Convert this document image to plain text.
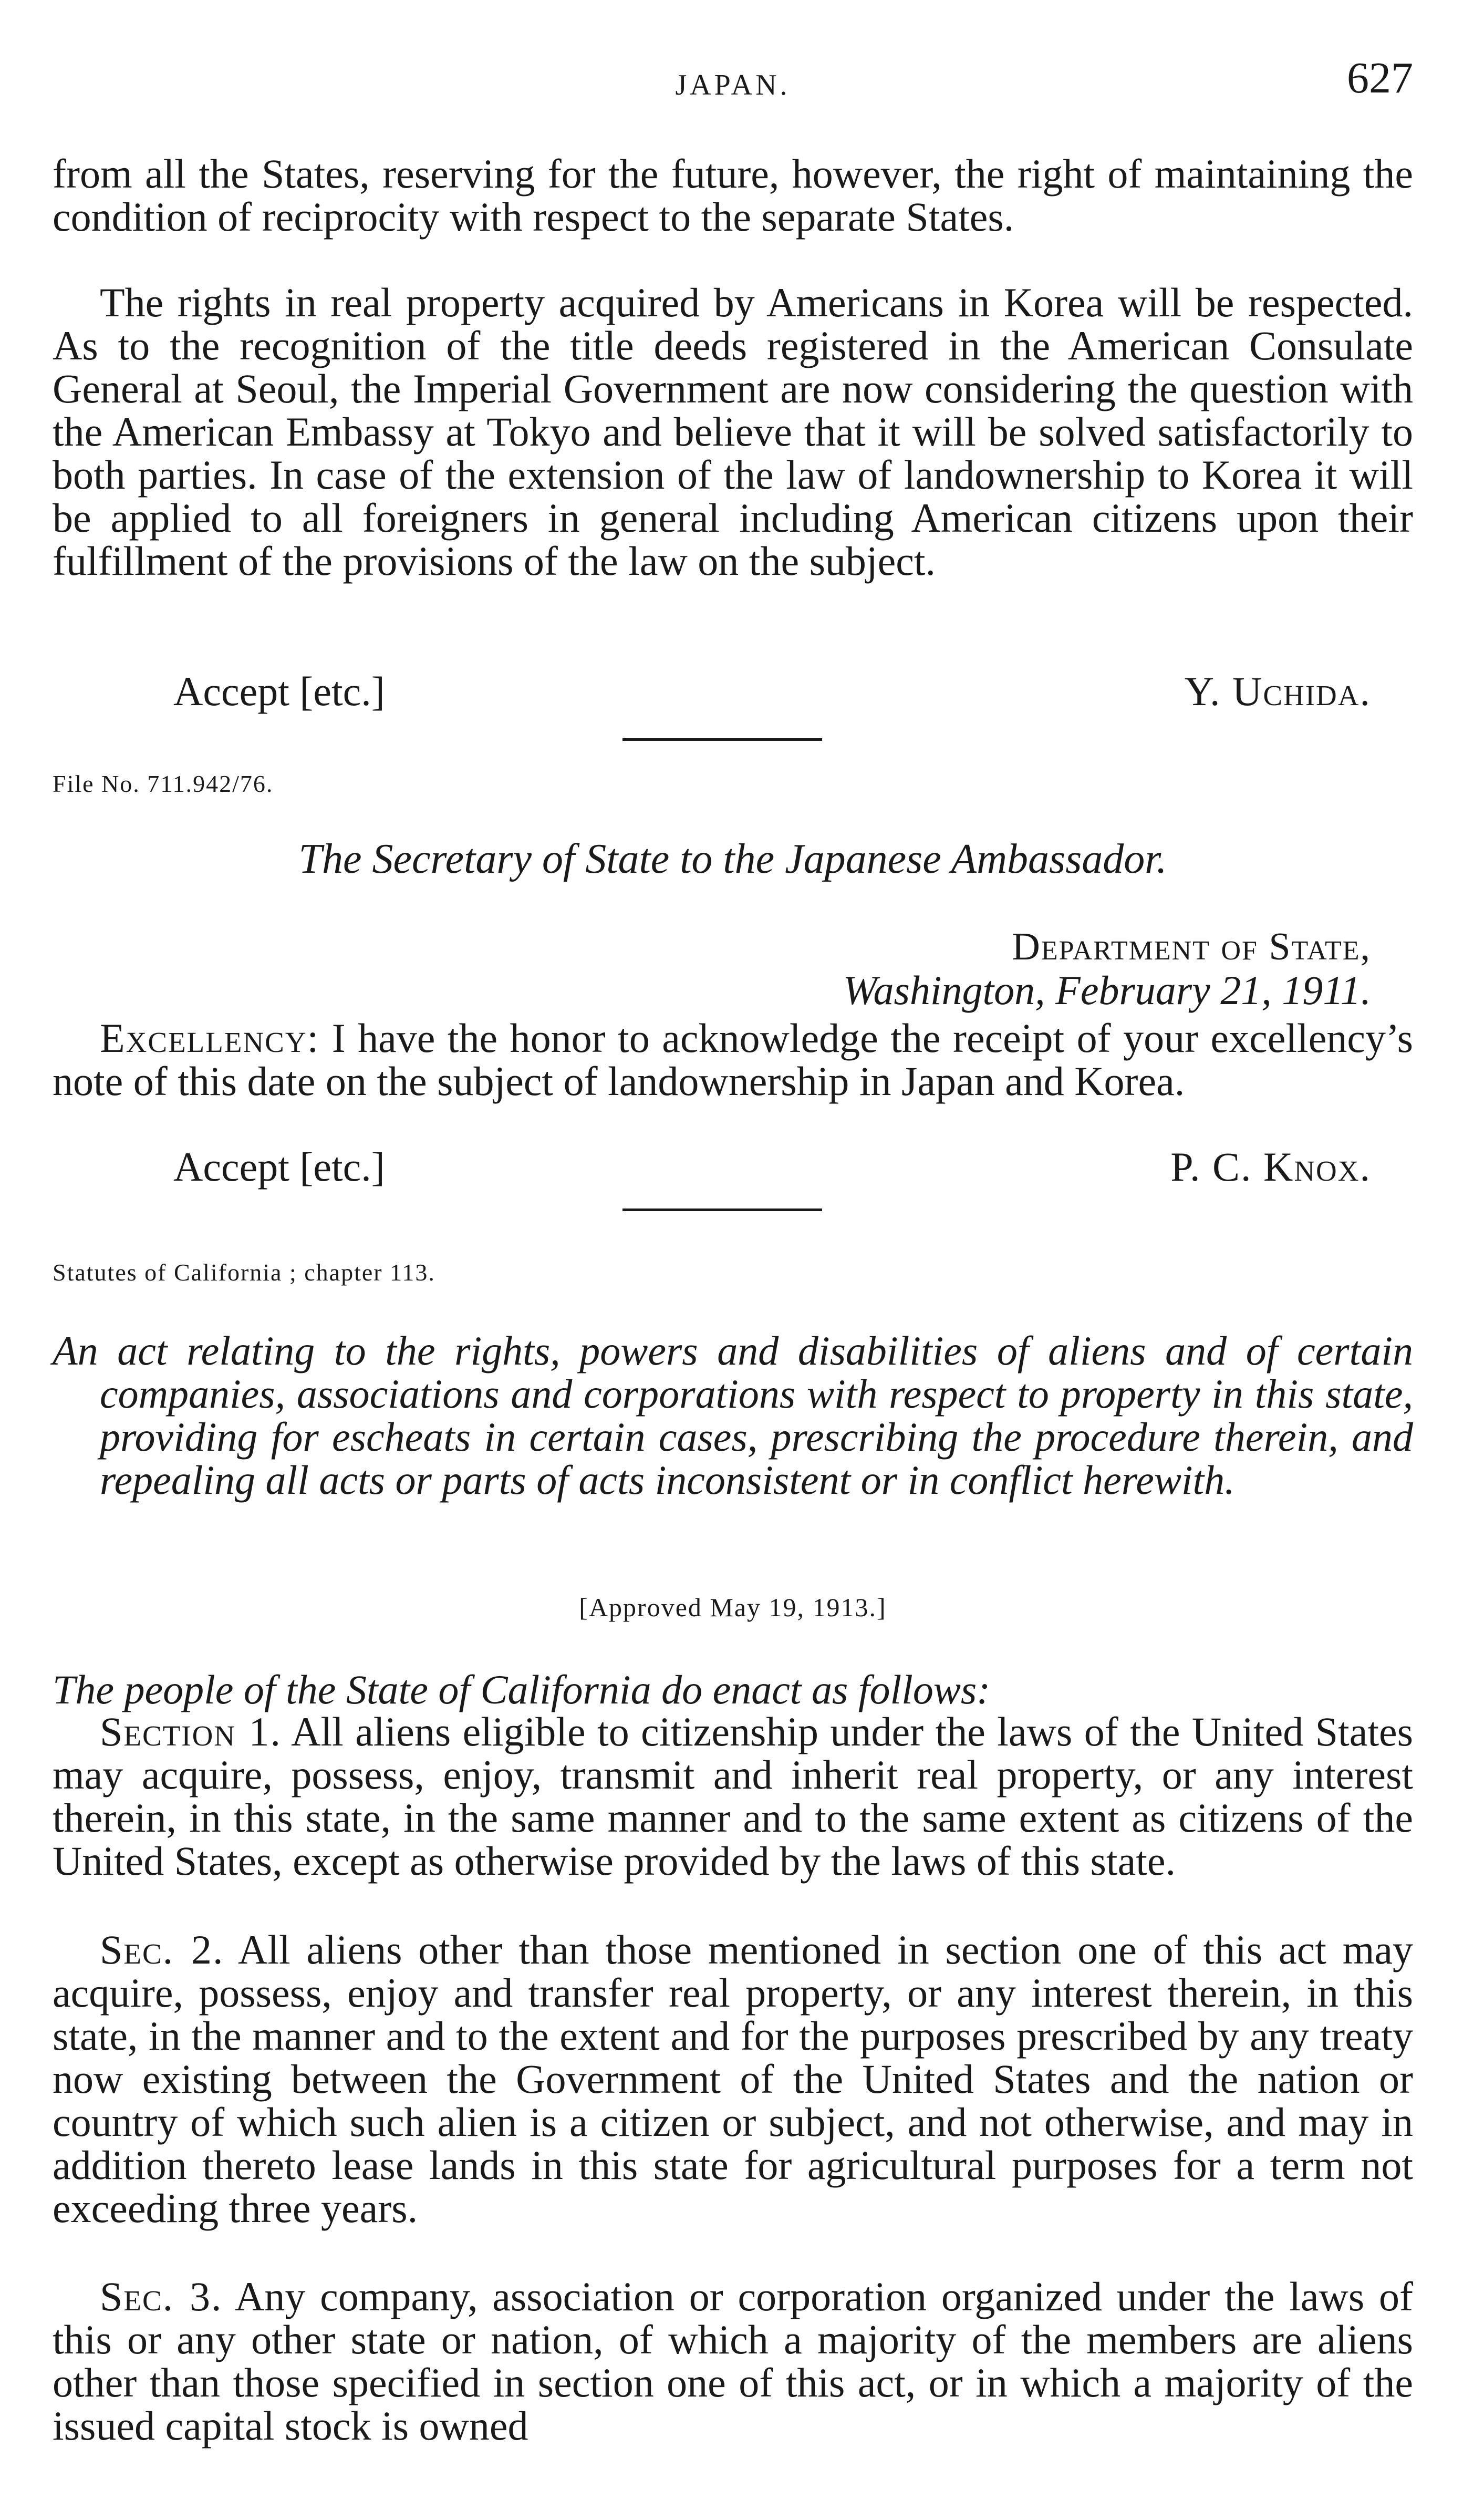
JAPAN.	627

from all the States, reserving for the future, however, the right of maintaining the condition of reciprocity with respect to the separate States.

The rights in real property acquired by Americans in Korea will be respected. As to the recognition of the title deeds registered in the American Consulate General at Seoul, the Imperial Government are now considering the question with the American Embassy at Tokyo and believe that it will be solved satisfactorily to both parties. In case of the extension of the law of landownership to Korea it will be applied to all foreigners in general including American citizens upon their fulfillment of the provisions of the law on the subject.

Accept [etc.]	Y. Uchida.
File No. 711.942/76.
The Secretary of State to the Japanese Ambassador.
Department of State,
Washington, February 21, 1911.

Excellency: I have the honor to acknowledge the receipt of your excellency’s note of this date on the subject of landownership in Japan and Korea.

Accept [etc.]	P. C. Knox.
Statutes of California ; chapter 113.

An act relating to the rights, powers and disabilities of aliens and of certain companies, associations and corporations with respect to property in this state, providing for escheats in certain cases, prescribing the procedure therein, and repealing all acts or parts of acts inconsistent or in conflict herewith.

[Approved May 19, 1913.]

The people of the State of California do enact as follows:

Section 1. All aliens eligible to citizenship under the laws of the United States may acquire, possess, enjoy, transmit and inherit real property, or any interest therein, in this state, in the same manner and to the same extent as citizens of the United States, except as otherwise provided by the laws of this state.

Sec. 2. All aliens other than those mentioned in section one of this act may acquire, possess, enjoy and transfer real property, or any interest therein, in this state, in the manner and to the extent and for the purposes prescribed by any treaty now existing between the Government of the United States and the nation or country of which such alien is a citizen or subject, and not otherwise, and may in addition thereto lease lands in this state for agricultural purposes for a term not exceeding three years.

Sec. 3. Any company, association or corporation organized under the laws of this or any other state or nation, of which a majority of the members are aliens other than those specified in section one of this act, or in which a majority of the issued capital stock is owned
